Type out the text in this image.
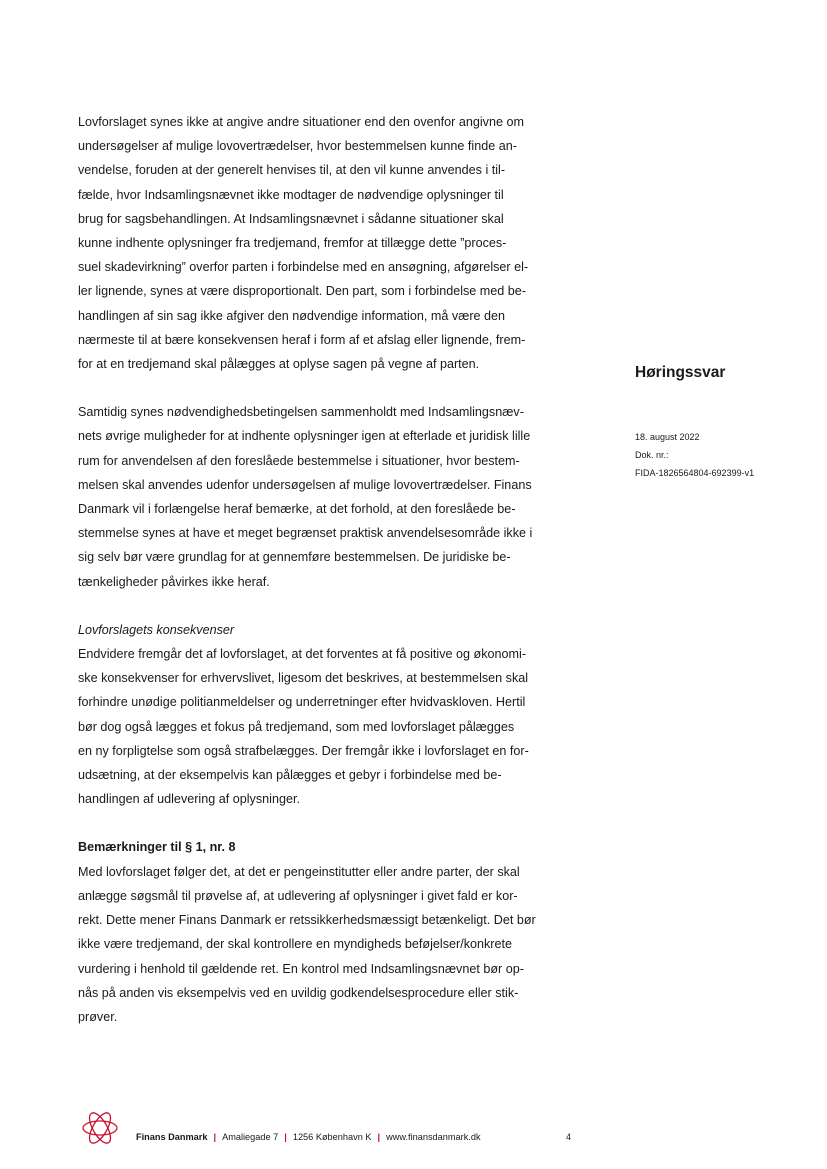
Lovforslaget synes ikke at angive andre situationer end den ovenfor angivne om
undersøgelser af mulige lovovertrædelser, hvor bestemmelsen kunne finde an-
vendelse, foruden at der generelt henvises til, at den vil kunne anvendes i til-
fælde, hvor Indsamlingsnævnet ikke modtager de nødvendige oplysninger til
brug for sagsbehandlingen. At Indsamlingsnævnet i sådanne situationer skal
kunne indhente oplysninger fra tredjemand, fremfor at tillægge dette ”proces-
suel skadevirkning” overfor parten i forbindelse med en ansøgning, afgørelser el-
ler lignende, synes at være disproportionalt. Den part, som i forbindelse med be-
handlingen af sin sag ikke afgiver den nødvendige information, må være den
nærmeste til at bære konsekvensen heraf i form af et afslag eller lignende, frem-
for at en tredjemand skal pålægges at oplyse sagen på vegne af parten.

Samtidig synes nødvendighedsbetingelsen sammenholdt med Indsamlingsnæv-
nets øvrige muligheder for at indhente oplysninger igen at efterlade et juridisk lille
rum for anvendelsen af den foreslåede bestemmelse i situationer, hvor bestem-
melsen skal anvendes udenfor undersøgelsen af mulige lovovertrædelser. Finans
Danmark vil i forlængelse heraf bemærke, at det forhold, at den foreslåede be-
stemmelse synes at have et meget begrænset praktisk anvendelsesområde ikke i
sig selv bør være grundlag for at gennemføre bestemmelsen. De juridiske be-
tænkeligheder påvirkes ikke heraf.

Lovforslagets konsekvenser

Endvidere fremgår det af lovforslaget, at det forventes at få positive og økonomi-
ske konsekvenser for erhvervslivet, ligesom det beskrives, at bestemmelsen skal
forhindre unødige politianmeldelser og underretninger efter hvidvaskloven. Hertil
bør dog også lægges et fokus på tredjemand, som med lovforslaget pålægges
en ny forpligtelse som også strafbelægges. Der fremgår ikke i lovforslaget en for-
udsætning, at der eksempelvis kan pålægges et gebyr i forbindelse med be-
handlingen af udlevering af oplysninger.

Bemærkninger til § 1, nr. 8

Med lovforslaget følger det, at det er pengeinstitutter eller andre parter, der skal
anlægge søgsmål til prøvelse af, at udlevering af oplysninger i givet fald er kor-
rekt. Dette mener Finans Danmark er retssikkerhedsmæssigt betænkeligt. Det bør
ikke være tredjemand, der skal kontrollere en myndigheds beføjelser/konkrete
vurdering i henhold til gældende ret. En kontrol med Indsamlingsnævnet bør op-
nås på anden vis eksempelvis ved en uvildig godkendelsesprocedure eller stik-
prøver.

Høringssvar
18. august 2022
Dok. nr.:
FIDA-1826564804-692399-v1
Finans Danmark | Amaliegade 7 | 1256 København K | www.finansdanmark.dk	4
